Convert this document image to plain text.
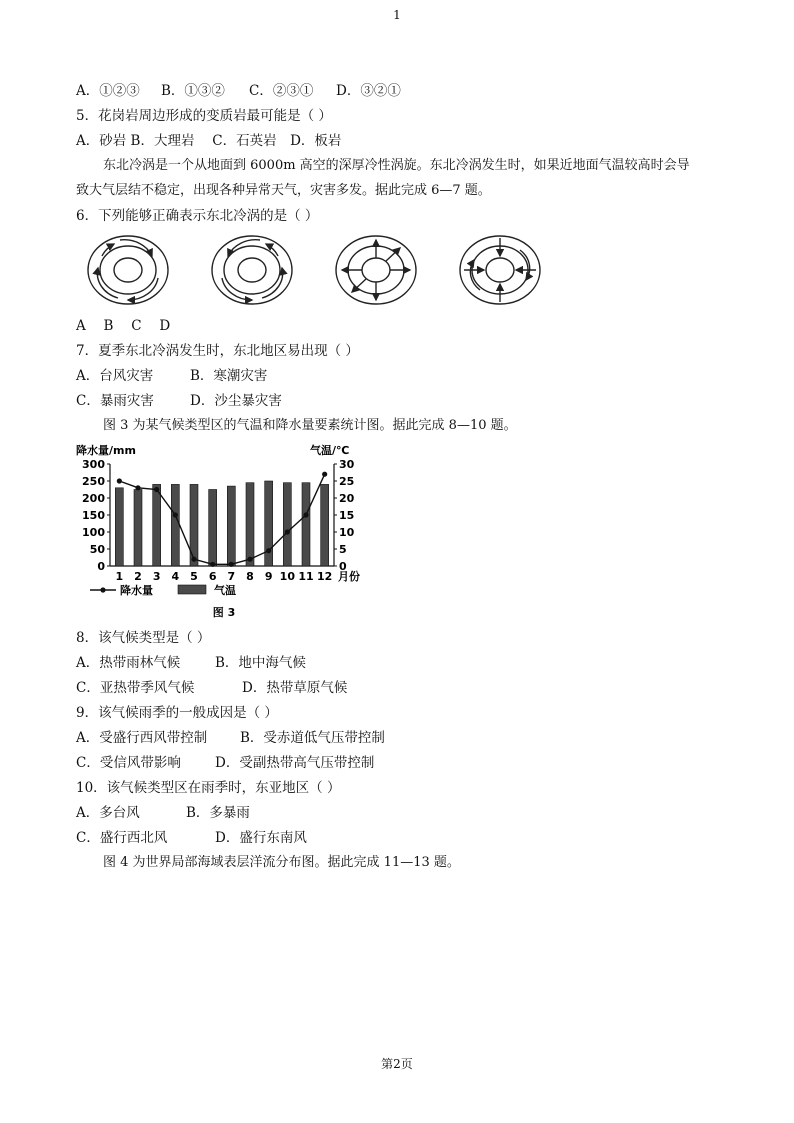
1
A．①②③ B．①③② C．②③① D．③②①
5．花岗岩周边形成的变质岩最可能是（ ）
A．砂岩 B．大理岩　 C．石英岩　D．板岩
东北冷涡是一个从地面到 6000m 高空的深厚冷性涡旋。东北冷涡发生时，如果近地面气温较高时会导
致大气层结不稳定，出现各种异常天气，灾害多发。据此完成 6—7 题。
6．下列能够正确表示东北冷涡的是（ ）
A　 B　 C　 D
7．夏季东北冷涡发生时，东北地区易出现（ ）
A．台风灾害	B．寒潮灾害
C．暴雨灾害	D．沙尘暴灾害
图 3 为某气候类型区的气温和降水量要素统计图。据此完成 8—10 题。
降水量/mm	气温/℃
0
50
100
150
200
250
300
0
5
10
15
20
25
30
1 2 3 4 5 6 7 8 9 10 11 12 月份
降水量	气温
图 3
8．该气候类型是（ ）
A．热带雨林气候	B．地中海气候
C．亚热带季风气候	D．热带草原气候
9．该气候雨季的一般成因是（ ）
A．受盛行西风带控制 B．受赤道低气压带控制
C．受信风带影响	D．受副热带高气压带控制
10．该气候类型区在雨季时，东亚地区（ ）
A．多台风	B．多暴雨
C．盛行西北风	D．盛行东南风
图 4 为世界局部海域表层洋流分布图。据此完成 11—13 题。
第2页
